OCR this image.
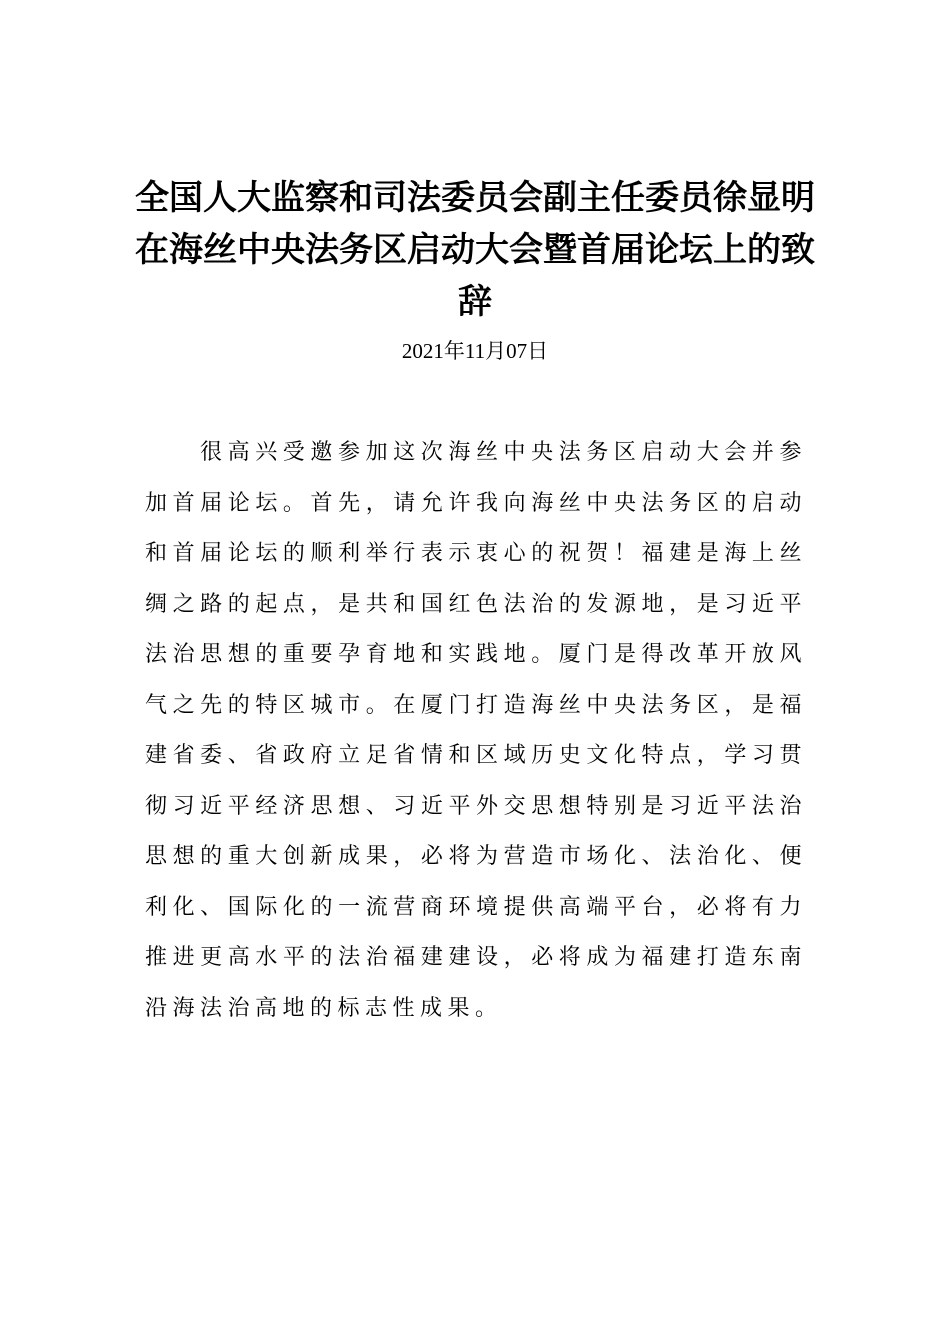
全国人大监察和司法委员会副主任委员徐显明在海丝中央法务区启动大会暨首届论坛上的致辞
2021年11月07日

很高兴受邀参加这次海丝中央法务区启动大会并参加首届论坛。首先，请允许我向海丝中央法务区的启动和首届论坛的顺利举行表示衷心的祝贺！福建是海上丝绸之路的起点，是共和国红色法治的发源地，是习近平法治思想的重要孕育地和实践地。厦门是得改革开放风气之先的特区城市。在厦门打造海丝中央法务区，是福建省委、省政府立足省情和区域历史文化特点，学习贯彻习近平经济思想、习近平外交思想特别是习近平法治思想的重大创新成果，必将为营造市场化、法治化、便利化、国际化的一流营商环境提供高端平台，必将有力推进更高水平的法治福建建设，必将成为福建打造东南沿海法治高地的标志性成果。
